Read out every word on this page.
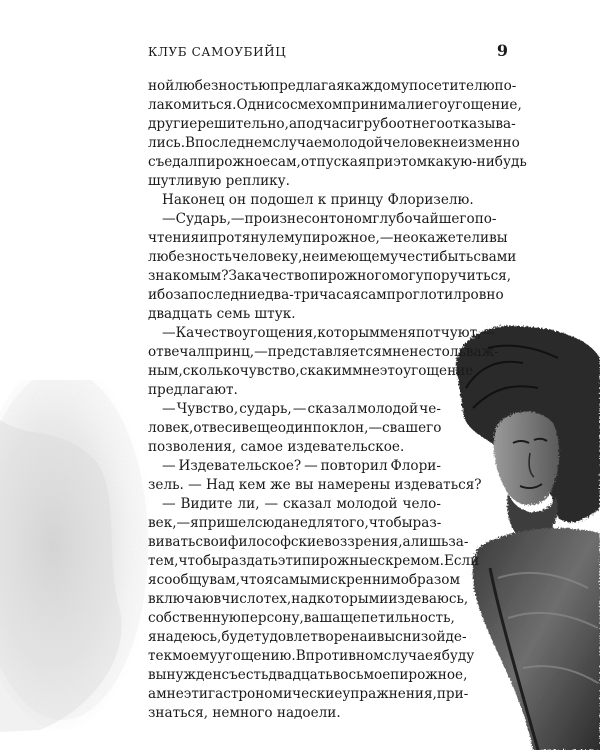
КЛУБ САМОУБИЙЦ	9
ной любезностью предлагая каждому посетителю по-
лакомиться. Одни со смехом принимали его угощение,
другие решительно, а подчас и грубо от него отказыва-
лись. В последнем случае молодой человек неизменно
съедал пирожное сам, отпуская при этом какую-нибудь
шутливую реплику.
Наконец он подошел к принцу Флоризелю.
— Сударь, — произнес он тоном глубочайшего по-
чтения и протянул ему пирожное, — не окажете ли вы
любезность человеку, не имеющему чести быть с вами
знакомым? За качество пирожного могу поручиться,
ибо за последние два-три часа я сам проглотил ровно
двадцать семь штук.
— Качество угощения, которым меня потчуют, —
отвечал принц, — представляется мне не столь важ-
ным, сколько чувство, с каким мне это угощение
предлагают.
— Чувство, сударь, — сказал молодой че-
ловек, отвесив еще один поклон, — с вашего
позволения, самое издевательское.
— Издевательское? — повторил Флори-
зель. — Над кем же вы намерены издеваться?
— Видите ли, — сказал молодой чело-
век, — я пришел сюда не для того, чтобы раз-
вивать свои философские воззрения, а лишь за-
тем, чтобы раздать эти пирожные с кремом. Если
я сообщу вам, что я самым искренним образом
включаю в число тех, над которыми издеваюсь,
собственную персону, ваша щепетильность,
я надеюсь, будет удовлетворена и вы снизойде-
те к моему угощению. В противном случае я буду
вынужден съесть двадцать восьмое пирожное,
а мне эти гастрономические упражнения, при-
знаться, немного надоели.
